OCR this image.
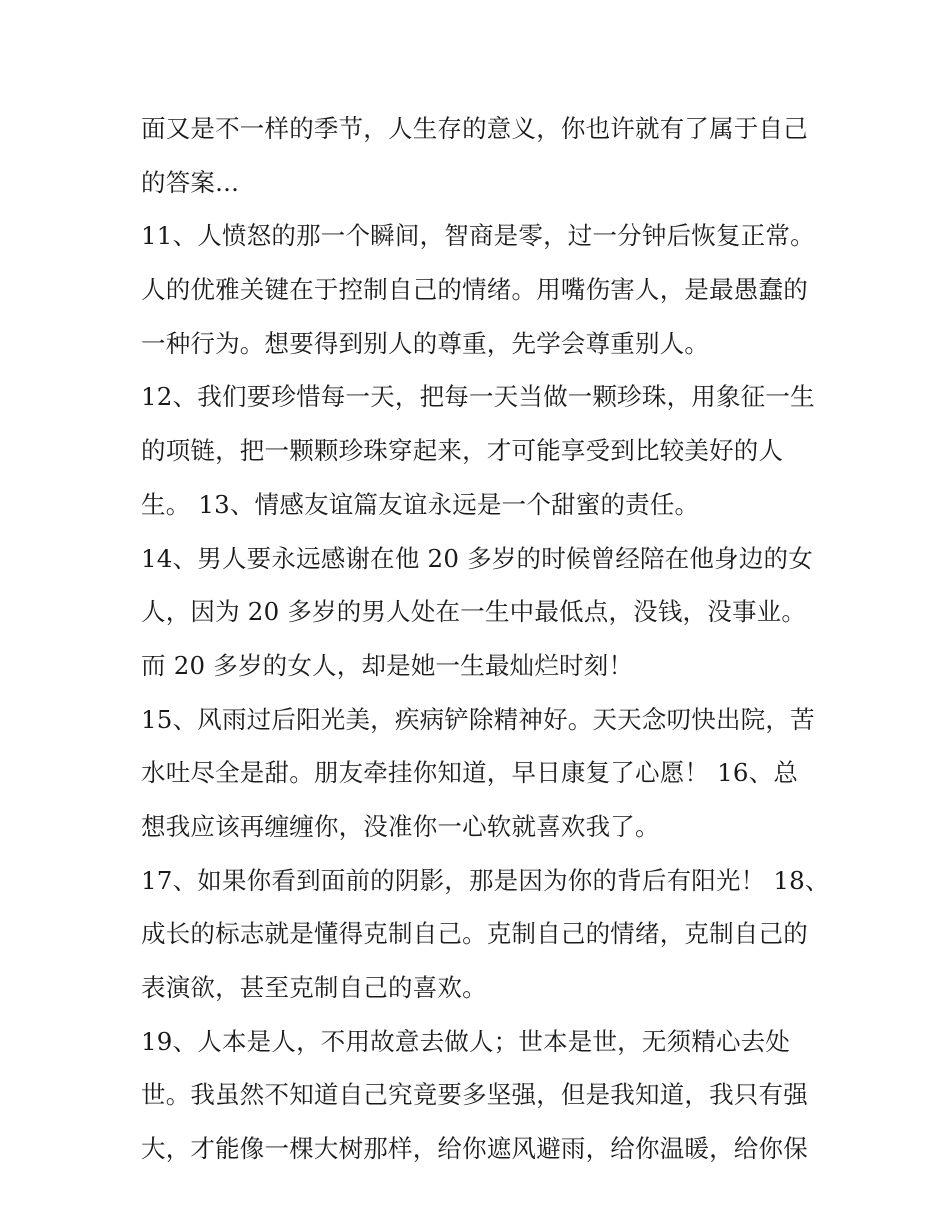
面又是不一样的季节，人生存的意义，你也许就有了属于自己
的答案...
11、人愤怒的那一个瞬间，智商是零，过一分钟后恢复正常。
人的优雅关键在于控制自己的情绪。用嘴伤害人，是最愚蠢的
一种行为。想要得到别人的尊重，先学会尊重别人。
12、我们要珍惜每一天，把每一天当做一颗珍珠，用象征一生
的项链，把一颗颗珍珠穿起来，才可能享受到比较美好的人
生。 13、情感友谊篇友谊永远是一个甜蜜的责任。
14、男人要永远感谢在他 20 多岁的时候曾经陪在他身边的女
人，因为 20 多岁的男人处在一生中最低点，没钱，没事业。
而 20 多岁的女人，却是她一生最灿烂时刻！
15、风雨过后阳光美，疾病铲除精神好。天天念叨快出院，苦
水吐尽全是甜。朋友牵挂你知道，早日康复了心愿！ 16、总
想我应该再缠缠你，没准你一心软就喜欢我了。
17、如果你看到面前的阴影，那是因为你的背后有阳光！ 18、
成长的标志就是懂得克制自己。克制自己的情绪，克制自己的
表演欲，甚至克制自己的喜欢。
19、人本是人，不用故意去做人；世本是世，无须精心去处
世。我虽然不知道自己究竟要多坚强，但是我知道，我只有强
大，才能像一棵大树那样，给你遮风避雨，给你温暖，给你保
